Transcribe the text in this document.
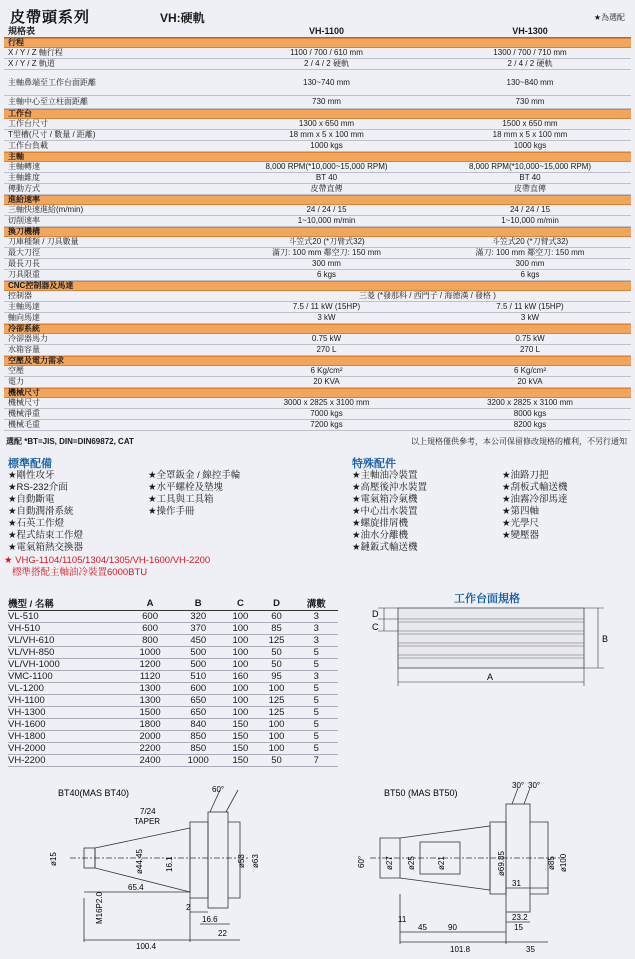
皮帶頭系列	VH:硬軌	★為選配
規格表	VH-1100	VH-1300
行程
X / Y / Z 軸行程	1100 / 700 / 610 mm	1300 / 700 / 710 mm
X / Y / Z 軌道	2 / 4 / 2 硬軌	2 / 4 / 2 硬軌
主軸鼻端至工作台面距離	130~740 mm	130~840 mm
主軸中心至立柱面距離	730 mm	730 mm
工作台
工作台尺寸	1300 x 650 mm	1500 x 650 mm
T型槽(尺寸 / 數量 / 距離)	18 mm x 5 x 100 mm	18 mm x 5 x 100 mm
工作台負載	1000 kgs	1000 kgs
主軸
主軸轉速	8,000 RPM(*10,000~15,000 RPM)	8,000 RPM(*10,000~15,000 RPM)
主軸錐度	BT 40	BT 40
傳動方式	皮帶直傳	皮帶直傳
進給速率
三軸快速進給(m/min)	24 / 24 / 15	24 / 24 / 15
切削速率	1~10,000 m/min	1~10,000 m/min
換刀機構
刀庫種類 / 刀具數量	斗笠式20 (*刀臂式32)	斗笠式20 (*刀臂式32)
最大刀徑	滿刀: 100 mm 鄰空刀: 150 mm	滿刀: 100 mm 鄰空刀: 150 mm
最長刀長	300 mm	300 mm
刀具限重	6 kgs	6 kgs
CNC控制器及馬達
控制器	三菱 (*發那科 / 西門子 / 海德漢 / 發格 )
主軸馬達	7.5 / 11 kW (15HP)	7.5 / 11 kW (15HP)
軸向馬達	3 kW	3 kW
冷卻系統
冷卻器馬力	0.75 kW	0.75 kW
水箱容量	270 L	270 L
空壓及電力需求
空壓	6 Kg/cm²	6 Kg/cm²
電力	20 KVA	20 kVA
機械尺寸
機械尺寸	3000 x 2825 x 3100 mm	3200 x 2825 x 3100 mm
機械淨重	7000 kgs	8000 kgs
機械毛重	7200 kgs	8200 kgs
選配 *BT=JIS, DIN=DIN69872, CAT	以上規格僅供參考，本公司保留修改規格的權利，不另行通知
標準配備	特殊配件
★剛性攻牙
★RS-232介面
★自動斷電
★自動潤滑系統
★石英工作燈
★程式結束工作燈
★電氣箱熱交換器
★全罩鈑金 / 線控手輪
★水平螺栓及墊塊
★工具與工具箱
★操作手冊
★主軸油冷裝置
★高壓後沖水裝置
★電氣箱冷氣機
★中心出水裝置
★螺旋排屑機
★油水分離機
★鏈鈑式輸送機
★油路刀把
★刮板式輸送機
★油霧冷卻馬達
★第四軸
★光學尺
★變壓器
★ VHG-1104/1105/1304/1305/VH-1600/VH-2200
標準搭配主軸油冷裝置6000BTU
機型 / 名稱	A	B	C	D	溝數
VL-510	600	320	100	60	3
VH-510	600	370	100	85	3
VL/VH-610	800	450	100	125	3
VL/VH-850	1000	500	100	50	5
VL/VH-1000	1200	500	100	50	5
VMC-1100	1120	510	160	95	3
VL-1200	1300	600	100	100	5
VH-1100	1300	650	100	125	5
VH-1300	1500	650	100	125	5
VH-1600	1800	840	150	100	5
VH-1800	2000	850	150	100	5
VH-2000	2200	850	150	100	5
VH-2200	2400	1000	150	50	7
工作台面規格
D
C
B
A
BT40(MAS BT40)	60°
7/24
TAPER
ø15	ø44.45	16.1	ø53 ø63
M16P2.0
65.4
2
16.6
22
100.4
BT50 (MAS BT50)
30° 30°
60° ø27 ø25	ø21	ø69.85	ø85 ø100
31
23.2
15
11
45	90
101.8	35
